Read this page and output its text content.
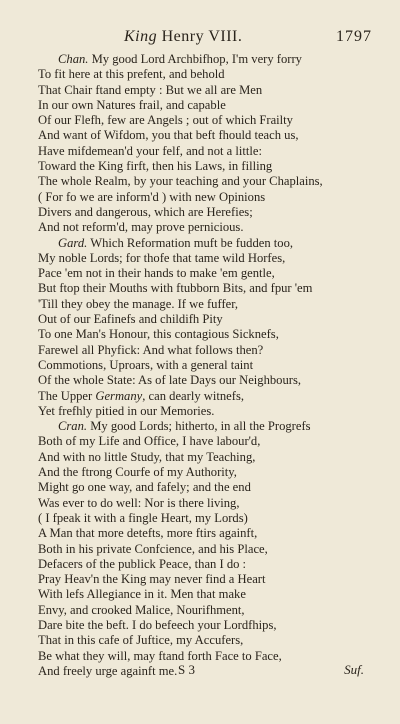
King Henry VIII.	1797
Chan. My good Lord Archbifhop, I'm very forry
To fit here at this prefent, and behold
That Chair ftand empty : But we all are Men
In our own Natures frail, and capable
Of our Flefh, few are Angels ; out of which Frailty
And want of Wifdom, you that beft fhould teach us,
Have mifdemean'd your felf, and not a little:
Toward the King firft, then his Laws, in filling
The whole Realm, by your teaching and your Chaplains,
( For fo we are inform'd ) with new Opinions
Divers and dangerous, which are Herefies;
And not reform'd, may prove pernicious.
Gard. Which Reformation muft be fudden too,
My noble Lords; for thofe that tame wild Horfes,
Pace 'em not in their hands to make 'em gentle,
But ftop their Mouths with ftubborn Bits, and fpur 'em
'Till they obey the manage. If we fuffer,
Out of our Eafinefs and childifh Pity
To one Man's Honour, this contagious Sicknefs,
Farewel all Phyfick: And what follows then?
Commotions, Uproars, with a general taint
Of the whole State: As of late Days our Neighbours,
The Upper Germany, can dearly witnefs,
Yet frefhly pitied in our Memories.
Cran. My good Lords; hitherto, in all the Progrefs
Both of my Life and Office, I have labour'd,
And with no little Study, that my Teaching,
And the ftrong Courfe of my Authority,
Might go one way, and fafely; and the end
Was ever to do well: Nor is there living,
( I fpeak it with a fingle Heart, my Lords)
A Man that more detefts, more ftirs againft,
Both in his private Confcience, and his Place,
Defacers of the publick Peace, than I do :
Pray Heav'n the King may never find a Heart
With lefs Allegiance in it. Men that make
Envy, and crooked Malice, Nourifhment,
Dare bite the beft. I do befeech your Lordfhips,
That in this cafe of Juftice, my Accufers,
Be what they will, may ftand forth Face to Face,
And freely urge againft me. S 3	Suf.
